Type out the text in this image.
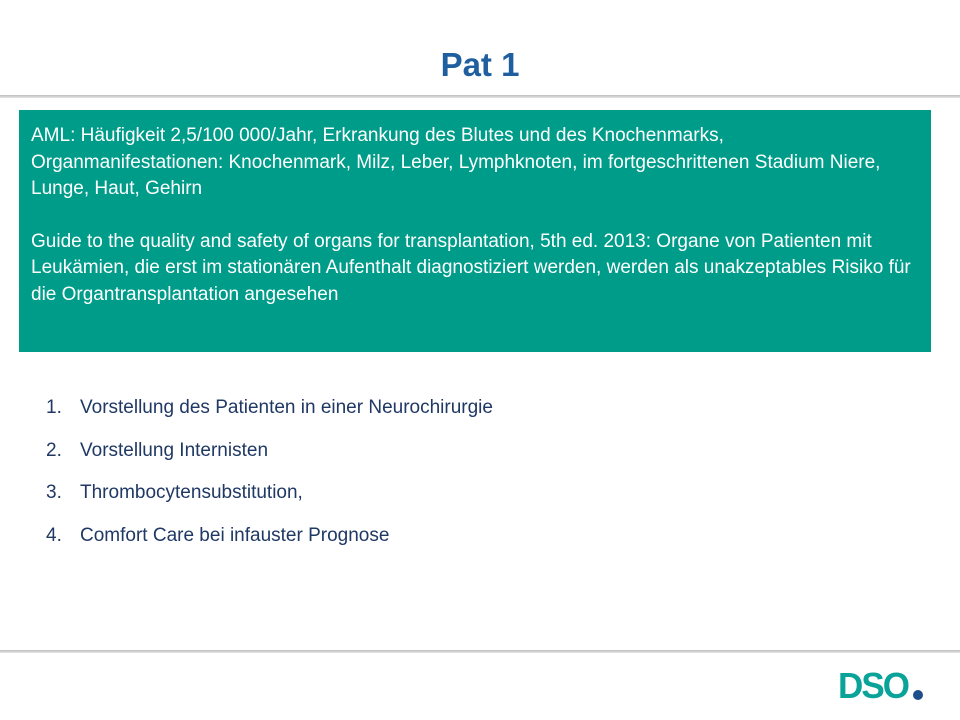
Pat 1

AML: Häufigkeit 2,5/100 000/Jahr, Erkrankung des Blutes und des Knochenmarks, Organmanifestationen: Knochenmark, Milz, Leber, Lymphknoten, im fortgeschrittenen Stadium Niere, Lunge, Haut, Gehirn

Guide to the quality and safety of organs for transplantation, 5th ed. 2013: Organe von Patienten mit Leukämien, die erst im stationären Aufenthalt diagnostiziert werden, werden als unakzeptables Risiko für die Organtransplantation angesehen

1. Vorstellung des Patienten in einer Neurochirurgie
2. Vorstellung Internisten
3. Thrombocytensubstitution,
4. Comfort Care bei infauster Prognose
DSO
